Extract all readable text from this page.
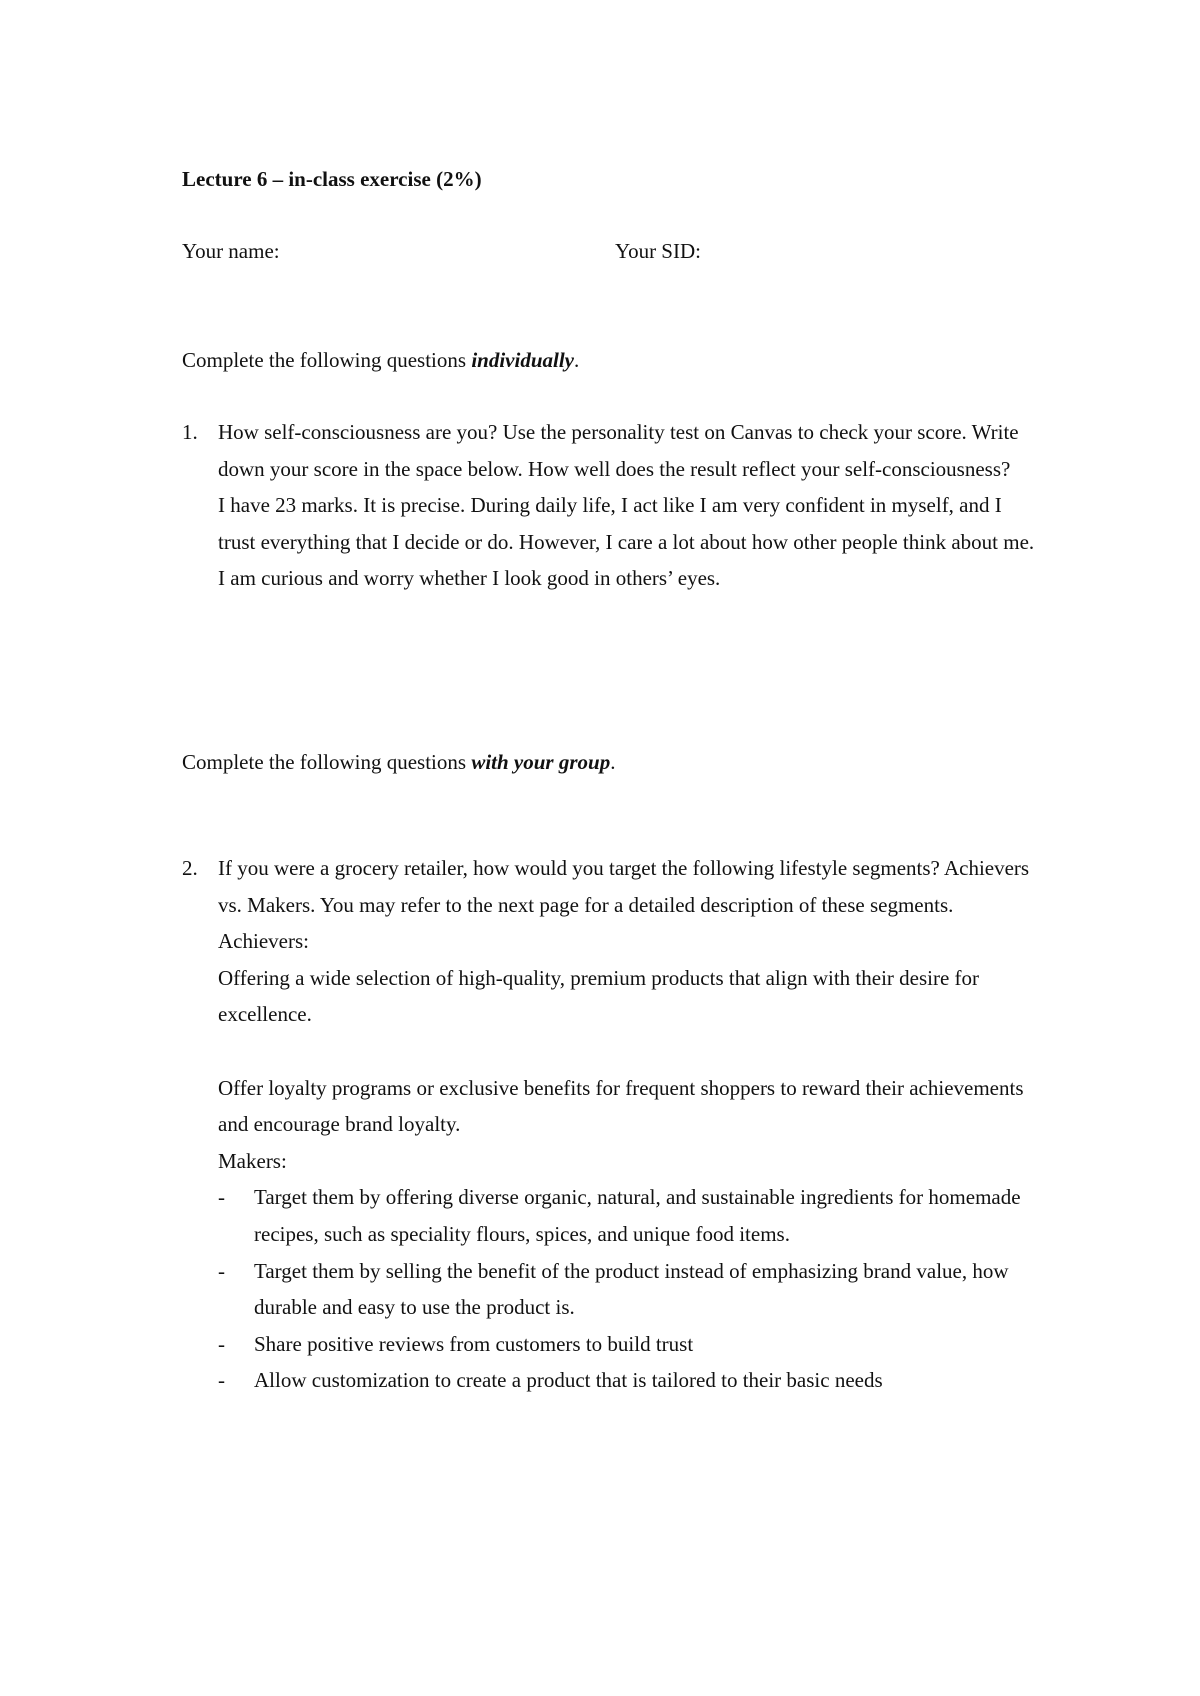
Lecture 6 – in-class exercise (2%)
Your name:	Your SID:
Complete the following questions individually.
1. How self-consciousness are you? Use the personality test on Canvas to check your score. Write down your score in the space below. How well does the result reflect your self-consciousness?

I have 23 marks. It is precise. During daily life, I act like I am very confident in myself, and I trust everything that I decide or do. However, I care a lot about how other people think about me. I am curious and worry whether I look good in others’ eyes.

Complete the following questions with your group.
2. If you were a grocery retailer, how would you target the following lifestyle segments? Achievers vs. Makers. You may refer to the next page for a detailed description of these segments.

Achievers:

Offering a wide selection of high-quality, premium products that align with their desire for excellence.

Offer loyalty programs or exclusive benefits for frequent shoppers to reward their achievements and encourage brand loyalty.

Makers:

- Target them by offering diverse organic, natural, and sustainable ingredients for homemade recipes, such as speciality flours, spices, and unique food items.
- Target them by selling the benefit of the product instead of emphasizing brand value, how durable and easy to use the product is.
- Share positive reviews from customers to build trust
- Allow customization to create a product that is tailored to their basic needs
